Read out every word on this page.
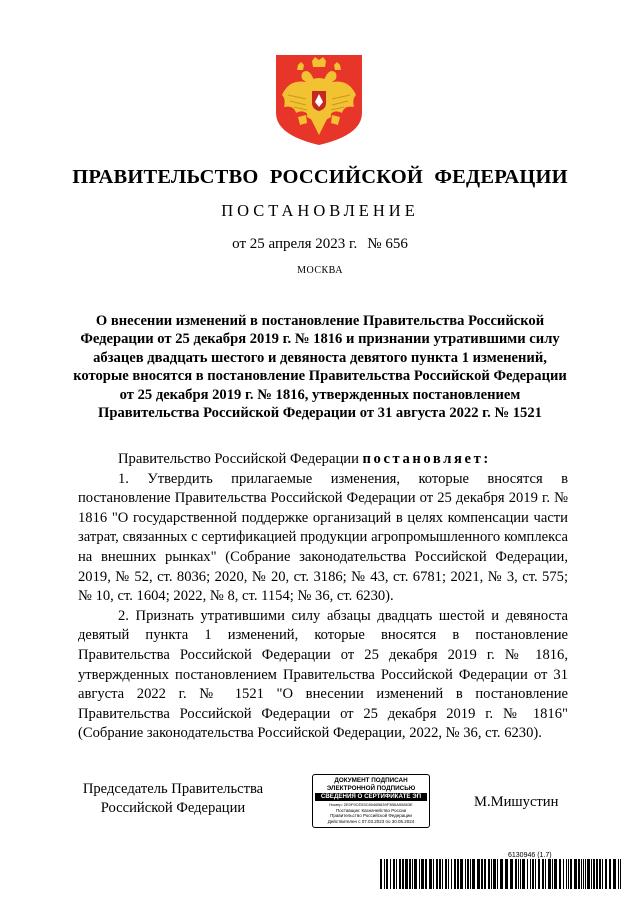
ПРАВИТЕЛЬСТВО РОССИЙСКОЙ ФЕДЕРАЦИИ
ПОСТАНОВЛЕНИЕ
от 25 апреля 2023 г. № 656
МОСКВА
О внесении изменений в постановление Правительства Российской Федерации от 25 декабря 2019 г. № 1816 и признании утратившими силу абзацев двадцать шестого и девяноста девятого пункта 1 изменений, которые вносятся в постановление Правительства Российской Федерации от 25 декабря 2019 г. № 1816, утвержденных постановлением Правительства Российской Федерации от 31 августа 2022 г. № 1521

Правительство Российской Федерации постановляет:

1. Утвердить прилагаемые изменения, которые вносятся в постановление Правительства Российской Федерации от 25 декабря 2019 г. № 1816 "О государственной поддержке организаций в целях компенсации части затрат, связанных с сертификацией продукции агропромышленного комплекса на внешних рынках" (Собрание законодательства Российской Федерации, 2019, № 52, ст. 8036; 2020, № 20, ст. 3186; № 43, ст. 6781; 2021, № 3, ст. 575; № 10, ст. 1604; 2022, № 8, ст. 1154; № 36, ст. 6230).

2. Признать утратившими силу абзацы двадцать шестой и девяноста девятый пункта 1 изменений, которые вносятся в постановление Правительства Российской Федерации от 25 декабря 2019 г. № 1816, утвержденных постановлением Правительства Российской Федерации от 31 августа 2022 г. № 1521 "О внесении изменений в постановление Правительства Российской Федерации от 25 декабря 2019 г. № 1816" (Собрание законодательства Российской Федерации, 2022, № 36, ст. 6230).

Председатель Правительства
Российской Федерации
ДОКУМЕНТ ПОДПИСАН
ЭЛЕКТРОННОЙ ПОДПИСЬЮ
СВЕДЕНИЯ О СЕРТИФИКАТЕ ЭП
Номер: 2E0F9CE53C8046B639F3B6A55863E
Поставщик: Казначейство России
Правительство Российской Федерации
Действителен с 07.03.2023 по 30.05.2024
М.Мишустин
6130946 (1.7)
